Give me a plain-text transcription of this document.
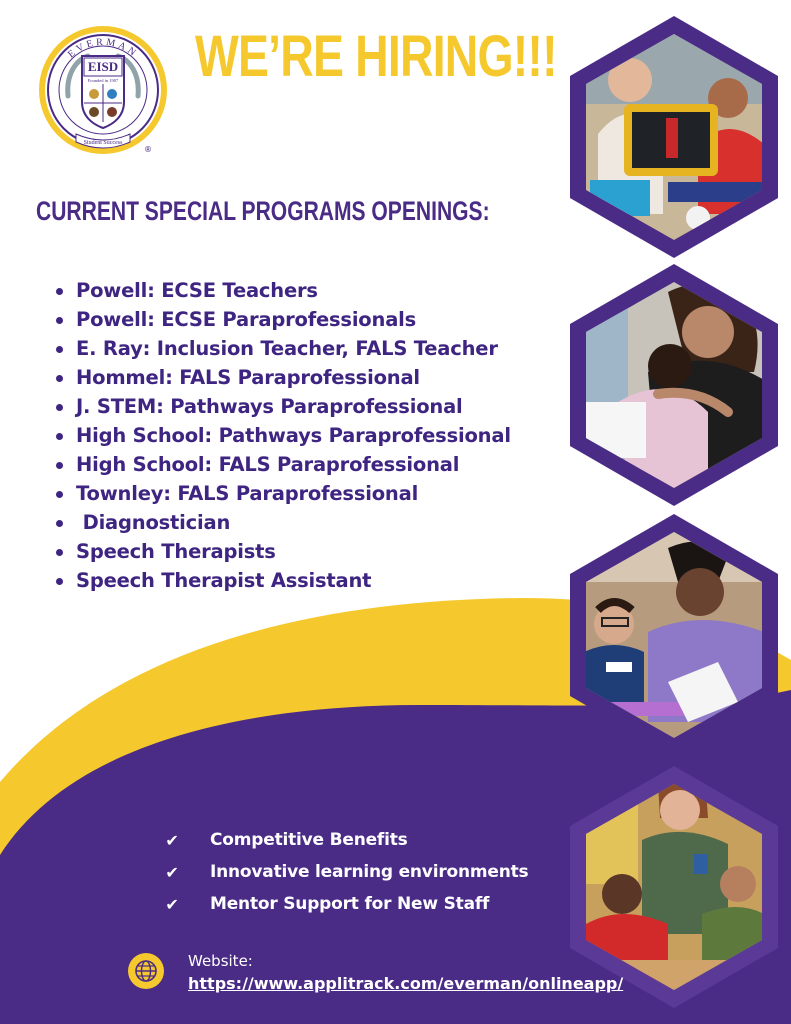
EISD
Founded in 1907
EVERMAN
Student Success
®
WE’RE HIRING!!!
CURRENT SPECIAL PROGRAMS OPENINGS:
Powell: ECSE Teachers
Powell: ECSE Paraprofessionals
E. Ray: Inclusion Teacher, FALS Teacher
Hommel: FALS Paraprofessional
J. STEM: Pathways Paraprofessional
High School: Pathways Paraprofessional
High School: FALS Paraprofessional
Townley: FALS Paraprofessional
Diagnostician
Speech Therapists
Speech Therapist Assistant
✔ Competitive Benefits
✔ Innovative learning environments
✔ Mentor Support for New Staff
Website:
https://www.applitrack.com/everman/onlineapp/
